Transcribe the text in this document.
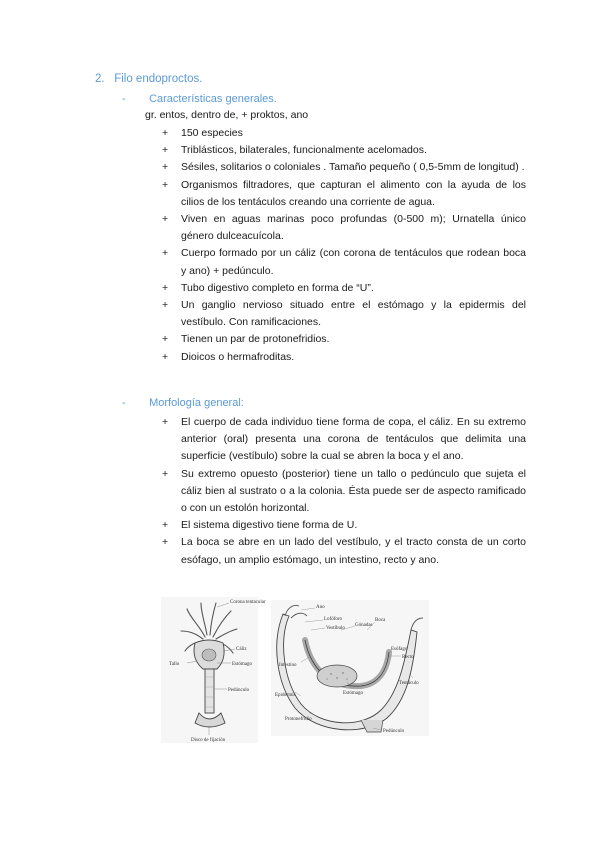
2. Filo endoproctos.
- Características generales.
gr. entos, dentro de, + proktos, ano
+ 150 especies
+ Triblásticos, bilaterales, funcionalmente acelomados.
+ Sésiles, solitarios o coloniales . Tamaño pequeño ( 0,5-5mm de longitud) .
+ Organismos filtradores, que capturan el alimento con la ayuda de los cilios de los tentáculos creando una corriente de agua.
+ Viven en aguas marinas poco profundas (0-500 m); Urnatella único género dulceacuícola.
+ Cuerpo formado por un cáliz (con corona de tentáculos que rodean boca y ano) + pedúnculo.
+ Tubo digestivo completo en forma de “U”.
+ Un ganglio nervioso situado entre el estómago y la epidermis del vestíbulo. Con ramificaciones.
+ Tienen un par de protonefridios.
+ Dioicos o hermafroditas.
- Morfología general:
+ El cuerpo de cada individuo tiene forma de copa, el cáliz. En su extremo anterior (oral) presenta una corona de tentáculos que delimita una superficie (vestíbulo) sobre la cual se abren la boca y el ano.
+ Su extremo opuesto (posterior) tiene un tallo o pedúnculo que sujeta el cáliz bien al sustrato o a la colonia. Ésta puede ser de aspecto ramificado o con un estolón horizontal.
+ El sistema digestivo tiene forma de U.
+ La boca se abre en un lado del vestíbulo, y el tracto consta de un corto esófago, un amplio estómago, un intestino, recto y ano.
Corona tentacular
Cáliz
Tallo	Estómago
Pedúnculo
Disco de fijación
Ano
Lofóforo
Vestíbulo
Gónadas
Boca
Esófago
Recto
Intestino
Estómago
Tentáculo
Epidermis
Protonefridio
Pedúnculo
